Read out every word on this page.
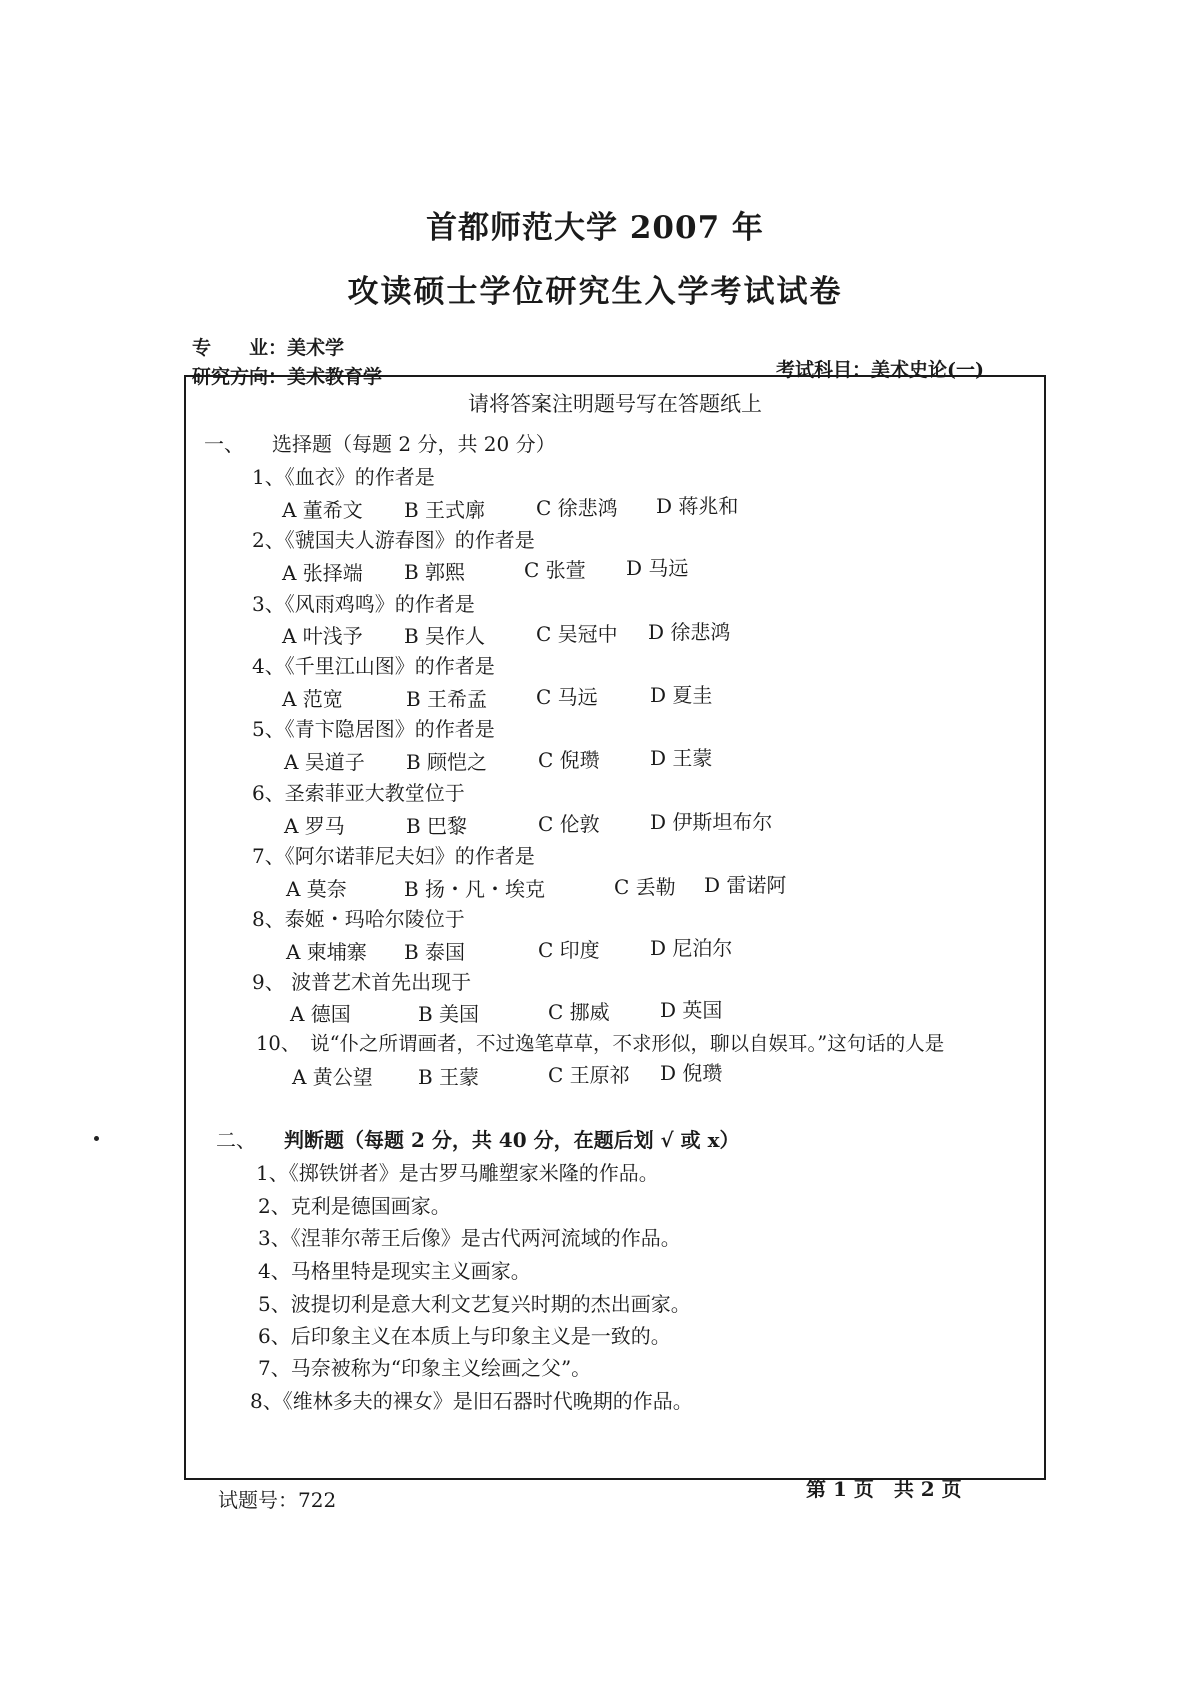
首都师范大学 2007 年
攻读硕士学位研究生入学考试试卷
专　　业：美术学
研究方向：美术教育学	考试科目：美术史论(一)
请将答案注明题号写在答题纸上
一、 选择题（每题 2 分，共 20 分）
1、《血衣》的作者是
A 董希文 B 王式廓	C 徐悲鸿 D 蒋兆和
2、《虢国夫人游春图》的作者是
A 张择端 B 郭熙	C 张萱 D 马远
3、《风雨鸡鸣》的作者是
A 叶浅予 B 吴作人	C 吴冠中 D 徐悲鸿
4、《千里江山图》的作者是
A 范宽	B 王希孟 C 马远	D 夏圭
5、《青卞隐居图》的作者是
A 吴道子 B 顾恺之	C 倪瓒	D 王蒙
6、圣索菲亚大教堂位于
A 罗马	B 巴黎	C 伦敦	D 伊斯坦布尔
7、《阿尔诺菲尼夫妇》的作者是
A 莫奈	B 扬・凡・埃克	C 丢勒 D 雷诺阿
8、泰姬・玛哈尔陵位于
A 柬埔寨 B 泰国	C 印度	D 尼泊尔
9、 波普艺术首先出现于
A 德国	B 美国	C 挪威	D 英国
10、　说“仆之所谓画者，不过逸笔草草，不求形似，聊以自娱耳。”这句话的人是
A 黄公望 B 王蒙	C 王原祁 D 倪瓒
二、 判断题（每题 2 分，共 40 分，在题后划 √ 或 x）
1、《掷铁饼者》是古罗马雕塑家米隆的作品。
2、克利是德国画家。
3、《涅菲尔蒂王后像》是古代两河流域的作品。
4、马格里特是现实主义画家。
5、波提切利是意大利文艺复兴时期的杰出画家。
6、后印象主义在本质上与印象主义是一致的。
7、马奈被称为“印象主义绘画之父”。
8、《维林多夫的裸女》是旧石器时代晚期的作品。
试题号：722	第 1 页　共 2 页
